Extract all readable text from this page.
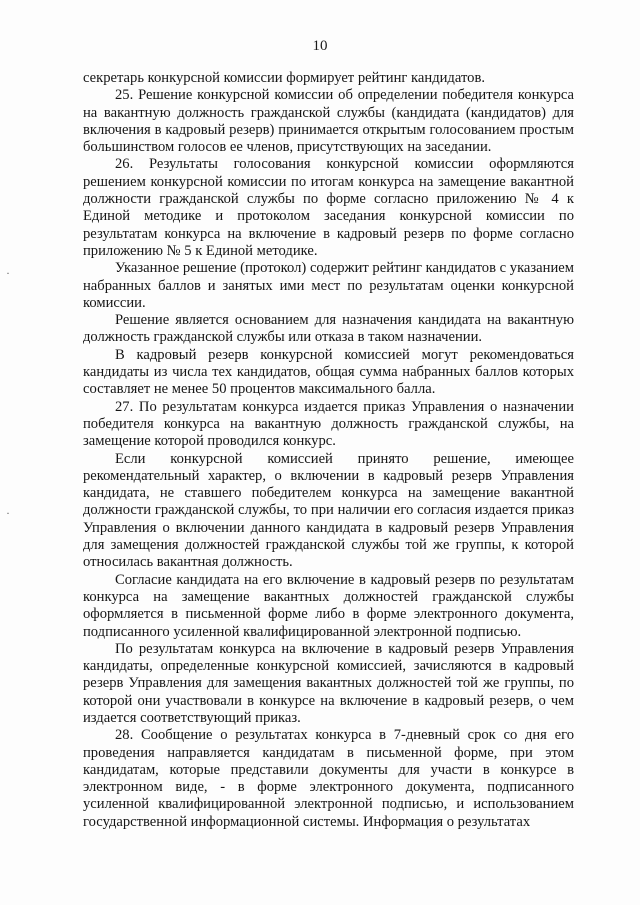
10
·
·

секретарь конкурсной комиссии формирует рейтинг кандидатов.

25. Решение конкурсной комиссии об определении победителя конкурса на вакантную должность гражданской службы (кандидата (кандидатов) для включения в кадровый резерв) принимается открытым голосованием простым большинством голосов ее членов, присутствующих на заседании.

26. Результаты голосования конкурсной комиссии оформляются решением конкурсной комиссии по итогам конкурса на замещение вакантной должности гражданской службы по форме согласно приложению № 4 к Единой методике и протоколом заседания конкурсной комиссии по результатам конкурса на включение в кадровый резерв по форме согласно приложению № 5 к Единой методике.

Указанное решение (протокол) содержит рейтинг кандидатов с указанием набранных баллов и занятых ими мест по результатам оценки конкурсной комиссии.

Решение является основанием для назначения кандидата на вакантную должность гражданской службы или отказа в таком назначении.

В кадровый резерв конкурсной комиссией могут рекомендоваться кандидаты из числа тех кандидатов, общая сумма набранных баллов которых составляет не менее 50 процентов максимального балла.

27. По результатам конкурса издается приказ Управления о назначении победителя конкурса на вакантную должность гражданской службы, на замещение которой проводился конкурс.

Если конкурсной комиссией принято решение, имеющее рекомендательный характер, о включении в кадровый резерв Управления кандидата, не ставшего победителем конкурса на замещение вакантной должности гражданской службы, то при наличии его согласия издается приказ Управления о включении данного кандидата в кадровый резерв Управления для замещения должностей гражданской службы той же группы, к которой относилась вакантная должность.

Согласие кандидата на его включение в кадровый резерв по результатам конкурса на замещение вакантных должностей гражданской службы оформляется в письменной форме либо в форме электронного документа, подписанного усиленной квалифицированной электронной подписью.

По результатам конкурса на включение в кадровый резерв Управления кандидаты, определенные конкурсной комиссией, зачисляются в кадровый резерв Управления для замещения вакантных должностей той же группы, по которой они участвовали в конкурсе на включение в кадровый резерв, о чем издается соответствующий приказ.

28. Сообщение о результатах конкурса в 7-дневный срок со дня его проведения направляется кандидатам в письменной форме, при этом кандидатам, которые представили документы для участи в конкурсе в электронном виде, - в форме электронного документа, подписанного усиленной квалифицированной электронной подписью, и использованием государственной информационной системы. Информация о результатах
